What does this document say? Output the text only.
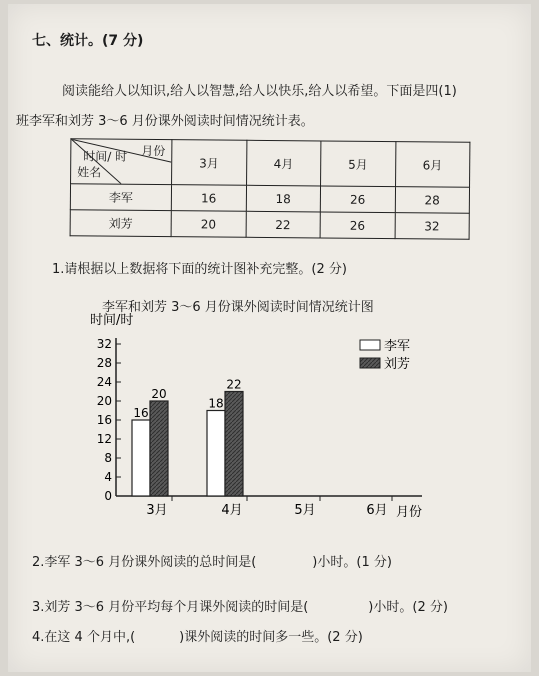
七、统计。(7 分)
阅读能给人以知识,给人以智慧,给人以快乐,给人以希望。下面是四(1)
班李军和刘芳 3～6 月份课外阅读时间情况统计表。
月份
时间/ 时
姓名	3月	4月	5月	6月
李军	16	18	26	28
刘芳	20	22	26	32
1.请根据以上数据将下面的统计图补充完整。(2 分)
李军和刘芳 3～6 月份课外阅读时间情况统计图
时间/时
0
4
8
12
16
20
24
28
32
3月
16
20
4月
18
22
5月	6月 月份
李军
刘芳
2.李军 3～6 月份课外阅读的总时间是(	)小时。(1 分)
3.刘芳 3～6 月份平均每个月课外阅读的时间是(	)小时。(2 分)
4.在这 4 个月中,(	)课外阅读的时间多一些。(2 分)
